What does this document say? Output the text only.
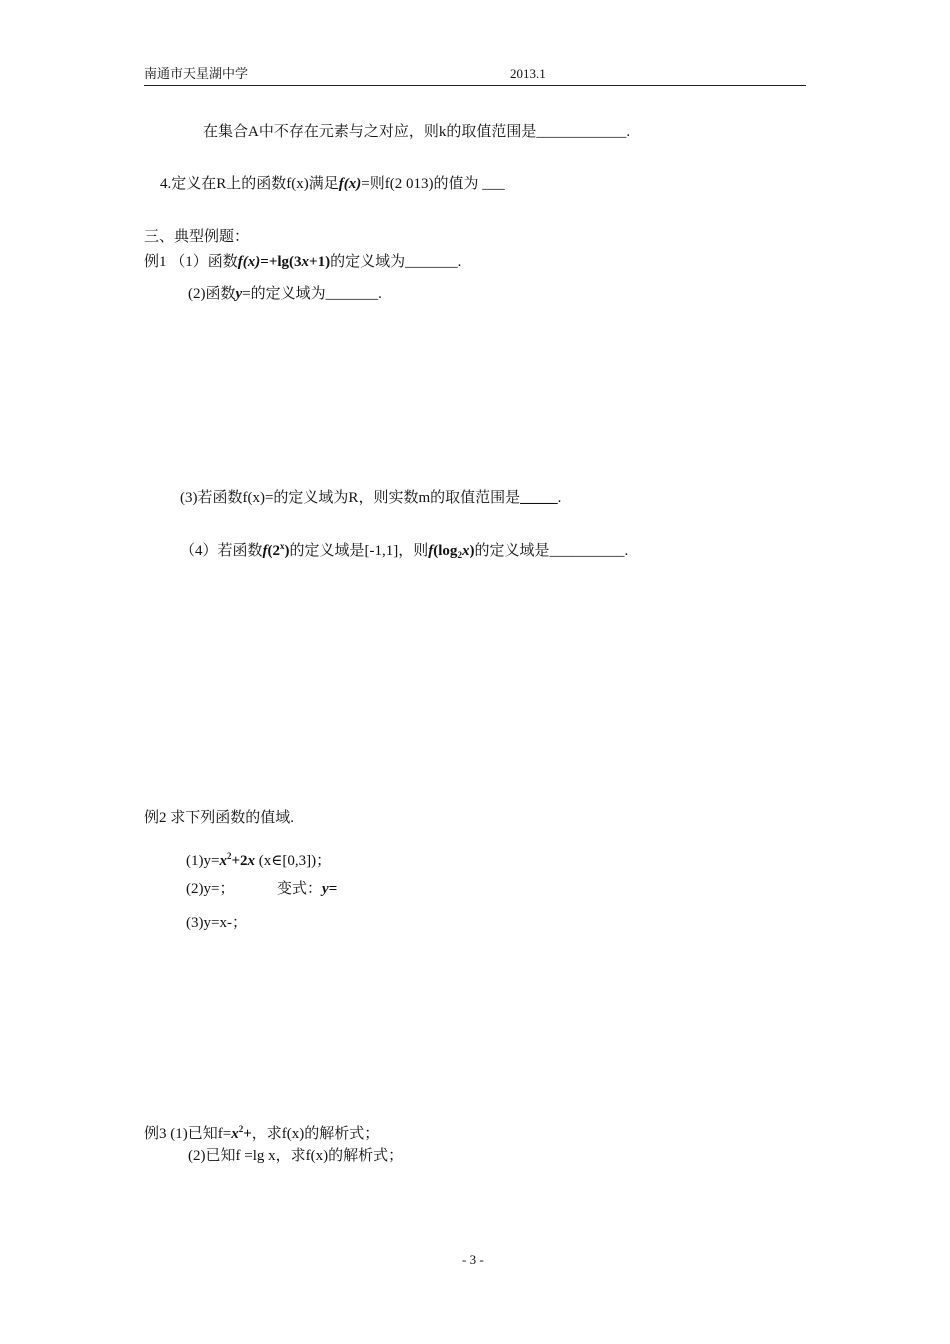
南通市天星湖中学	2013.1
在集合A中不存在元素与之对应，则k的取值范围是____________.
4.定义在R上的函数f(x)满足f(x)=则f(2 013)的值为 ___
三、典型例题：
例1 （1）函数f(x)=+lg(3x+1)的定义域为_______.
(2)函数y=的定义域为_______.
(3)若函数f(x)=的定义域为R，则实数m的取值范围是_____.
（4）若函数f(2$^x$)的定义域是[-1,1]，则$f(\log_2x)$的定义域是__________.
例2 求下列函数的值域.
$(1)y=x^2+2x$ (x∈[0,3])；
(2)y=；	变式：y=
(3)y=x-；
例3 (1)已知$f=x^2+$，求f(x)的解析式；
(2)已知f =lg x，求f(x)的解析式；
- 3 -
